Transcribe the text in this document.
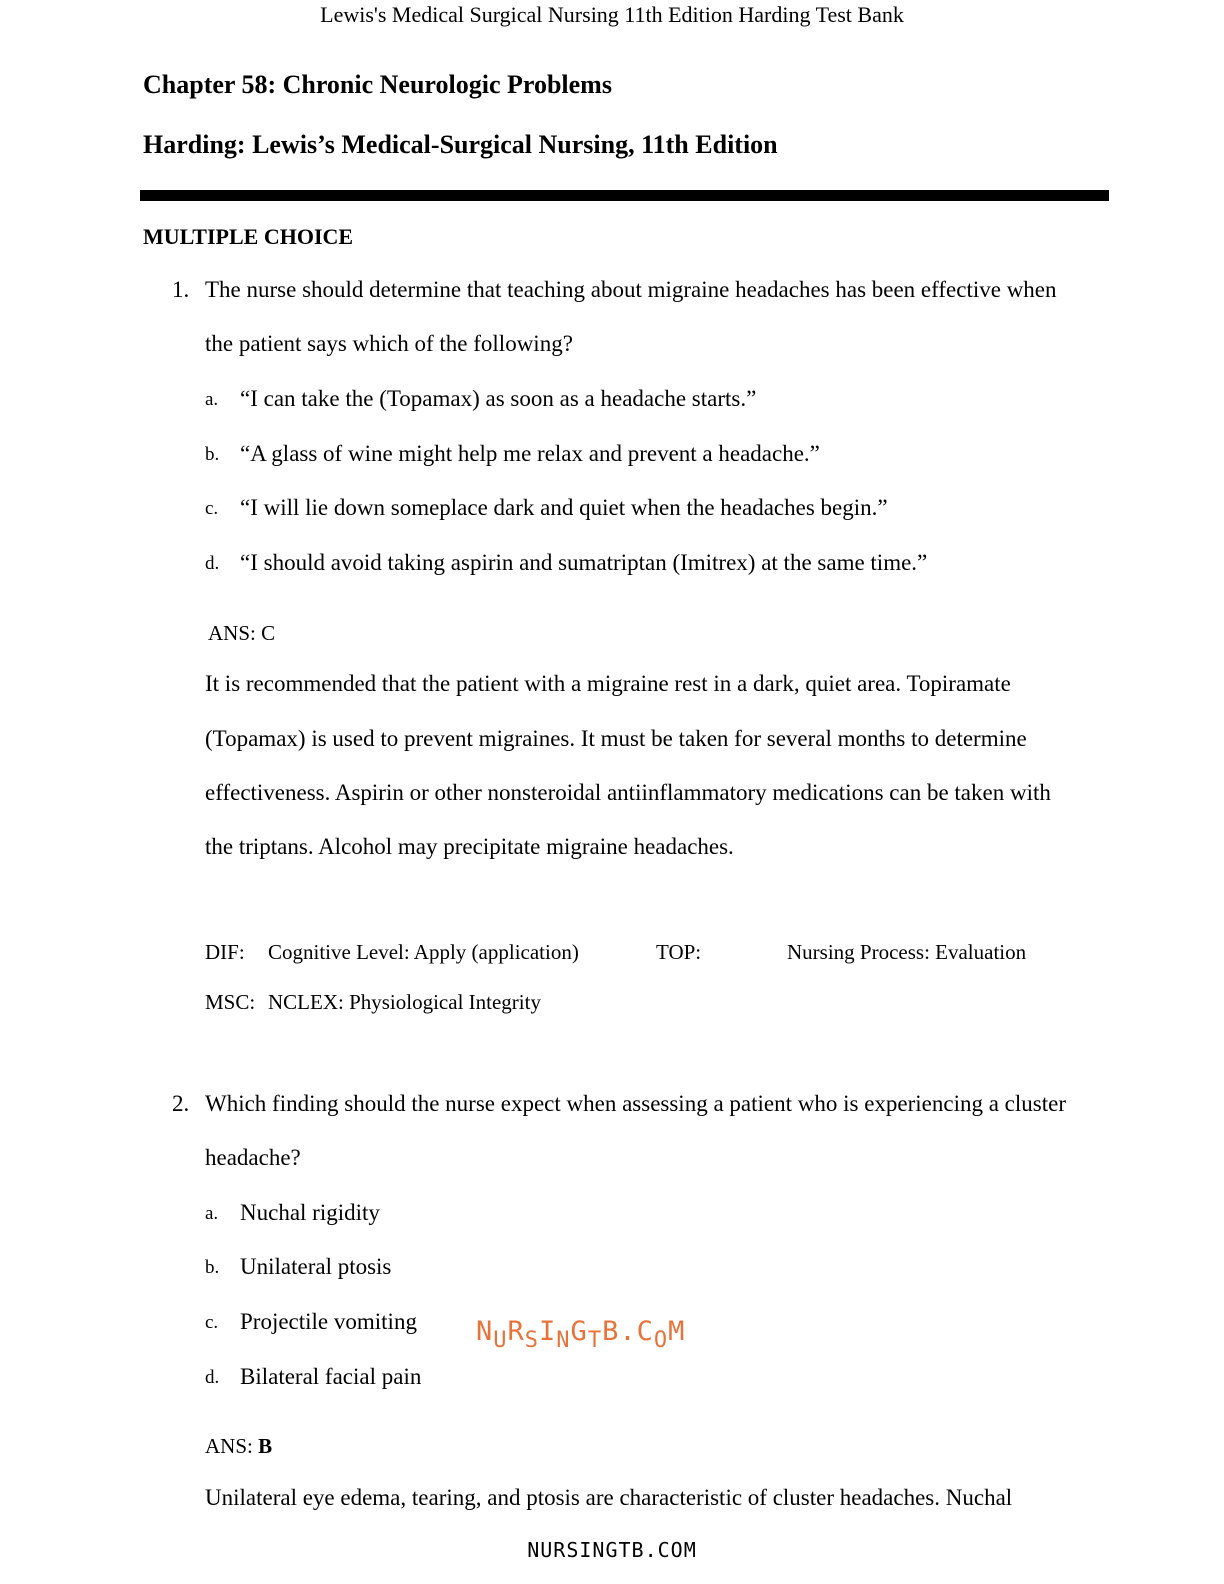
Lewis's Medical Surgical Nursing 11th Edition Harding Test Bank
Chapter 58: Chronic Neurologic Problems
Harding: Lewis’s Medical-Surgical Nursing, 11th Edition
MULTIPLE CHOICE
1. The nurse should determine that teaching about migraine headaches has been effective when
the patient says which of the following?
a. “I can take the (Topamax) as soon as a headache starts.”
b. “A glass of wine might help me relax and prevent a headache.”
c. “I will lie down someplace dark and quiet when the headaches begin.”
d. “I should avoid taking aspirin and sumatriptan (Imitrex) at the same time.”
ANS: C
It is recommended that the patient with a migraine rest in a dark, quiet area. Topiramate
(Topamax) is used to prevent migraines. It must be taken for several months to determine
effectiveness. Aspirin or other nonsteroidal antiinflammatory medications can be taken with
the triptans. Alcohol may precipitate migraine headaches.
DIF: Cognitive Level: Apply (application)	TOP:	Nursing Process: Evaluation
MSC: NCLEX: Physiological Integrity
2. Which finding should the nurse expect when assessing a patient who is experiencing a cluster
headache?
a. Nuchal rigidity
b. Unilateral ptosis
c. Projectile vomiting
d. Bilateral facial pain
ANS: B
Unilateral eye edema, tearing, and ptosis are characteristic of cluster headaches. Nuchal
NURSINGTB.COM
NURSINGTB.COM
